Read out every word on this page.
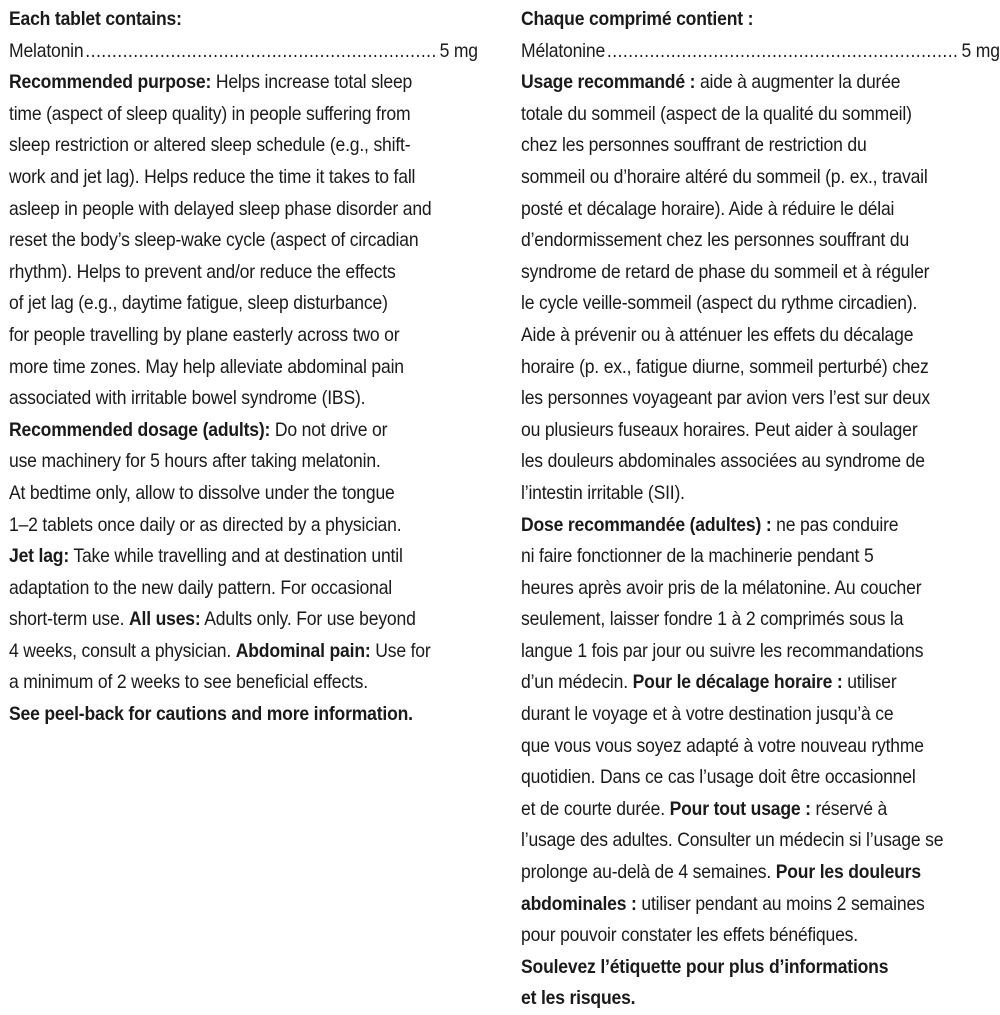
Each tablet contains:
Melatonin .....	5 mg
Recommended purpose: Helps increase total sleep
time (aspect of sleep quality) in people suffering from
sleep restriction or altered sleep schedule (e.g., shift-
work and jet lag). Helps reduce the time it takes to fall
asleep in people with delayed sleep phase disorder and
reset the body’s sleep-wake cycle (aspect of circadian
rhythm). Helps to prevent and/or reduce the effects
of jet lag (e.g., daytime fatigue, sleep disturbance)
for people travelling by plane easterly across two or
more time zones. May help alleviate abdominal pain
associated with irritable bowel syndrome (IBS).
Recommended dosage (adults): Do not drive or
use machinery for 5 hours after taking melatonin.
At bedtime only, allow to dissolve under the tongue
1–2 tablets once daily or as directed by a physician.
Jet lag: Take while travelling and at destination until
adaptation to the new daily pattern. For occasional
short-term use. All uses: Adults only. For use beyond
4 weeks, consult a physician. Abdominal pain: Use for
a minimum of 2 weeks to see beneficial effects.
See peel-back for cautions and more information.
Chaque comprimé contient :
Mélatonine .....	5 mg
Usage recommandé : aide à augmenter la durée
totale du sommeil (aspect de la qualité du sommeil)
chez les personnes souffrant de restriction du
sommeil ou d’horaire altéré du sommeil (p. ex., travail
posté et décalage horaire). Aide à réduire le délai
d’endormissement chez les personnes souffrant du
syndrome de retard de phase du sommeil et à réguler
le cycle veille-sommeil (aspect du rythme circadien).
Aide à prévenir ou à atténuer les effets du décalage
horaire (p. ex., fatigue diurne, sommeil perturbé) chez
les personnes voyageant par avion vers l’est sur deux
ou plusieurs fuseaux horaires. Peut aider à soulager
les douleurs abdominales associées au syndrome de
l’intestin irritable (SII).
Dose recommandée (adultes) : ne pas conduire
ni faire fonctionner de la machinerie pendant 5
heures après avoir pris de la mélatonine. Au coucher
seulement, laisser fondre 1 à 2 comprimés sous la
langue 1 fois par jour ou suivre les recommandations
d’un médecin. Pour le décalage horaire : utiliser
durant le voyage et à votre destination jusqu’à ce
que vous vous soyez adapté à votre nouveau rythme
quotidien. Dans ce cas l’usage doit être occasionnel
et de courte durée. Pour tout usage : réservé à
l’usage des adultes. Consulter un médecin si l’usage se
prolonge au-delà de 4 semaines. Pour les douleurs
abdominales : utiliser pendant au moins 2 semaines
pour pouvoir constater les effets bénéfiques.
Soulevez l’étiquette pour plus d’informations
et les risques.
